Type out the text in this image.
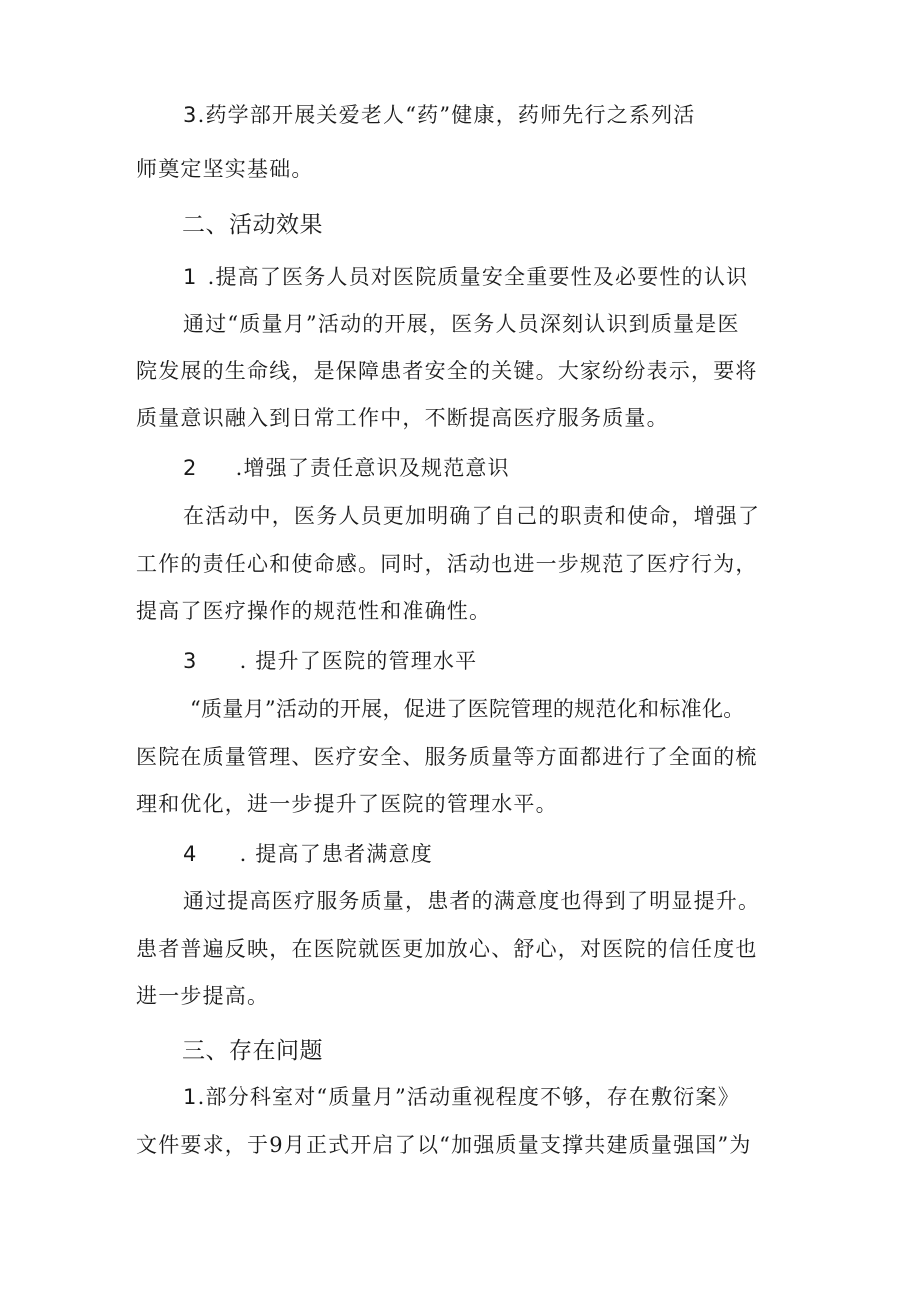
3.药学部开展关爱老人“药”健康，药师先行之系列活
师奠定坚实基础。
二、活动效果
1 .提高了医务人员对医院质量安全重要性及必要性的认识
通过“质量月”活动的开展，医务人员深刻认识到质量是医
院发展的生命线，是保障患者安全的关键。大家纷纷表示，要将
质量意识融入到日常工作中，不断提高医疗服务质量。
2 .增强了责任意识及规范意识
在活动中，医务人员更加明确了自己的职责和使命，增强了
工作的责任心和使命感。同时，活动也进一步规范了医疗行为，
提高了医疗操作的规范性和准确性。
3 . 提升了医院的管理水平
“质量月”活动的开展，促进了医院管理的规范化和标准化。
医院在质量管理、医疗安全、服务质量等方面都进行了全面的梳
理和优化，进一步提升了医院的管理水平。
4 . 提高了患者满意度
通过提高医疗服务质量，患者的满意度也得到了明显提升。
患者普遍反映，在医院就医更加放心、舒心，对医院的信任度也
进一步提高。
三、存在问题
1.部分科室对“质量月”活动重视程度不够，存在敷衍案》
文件要求，于9月正式开启了以“加强质量支撑共建质量强国”为
